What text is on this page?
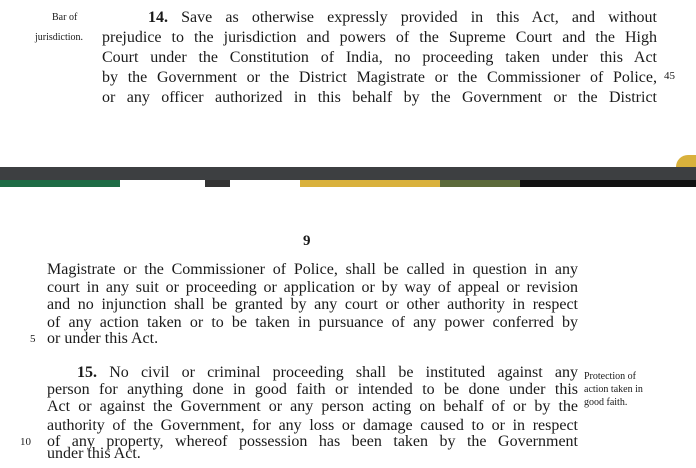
Bar of
jurisdiction.
14. Save as otherwise expressly provided in this Act, and without
prejudice to the jurisdiction and powers of the Supreme Court and the High
Court under the Constitution of India, no proceeding taken under this Act
by the Government or the District Magistrate or the Commissioner of Police, 45
or any officer authorized in this behalf by the Government or the District
9
Magistrate or the Commissioner of Police, shall be called in question in any
court in any suit or proceeding or application or by way of appeal or revision
and no injunction shall be granted by any court or other authority in respect
of any action taken or to be taken in pursuance of any power conferred by
or under this Act.
5
15. No civil or criminal proceeding shall be instituted against any
person for anything done in good faith or intended to be done under this
Act or against the Government or any person acting on behalf of or by the
authority of the Government, for any loss or damage caused to or in respect
of any property, whereof possession has been taken by the Government
10
under this Act.
Protection of
action taken in
good faith.
